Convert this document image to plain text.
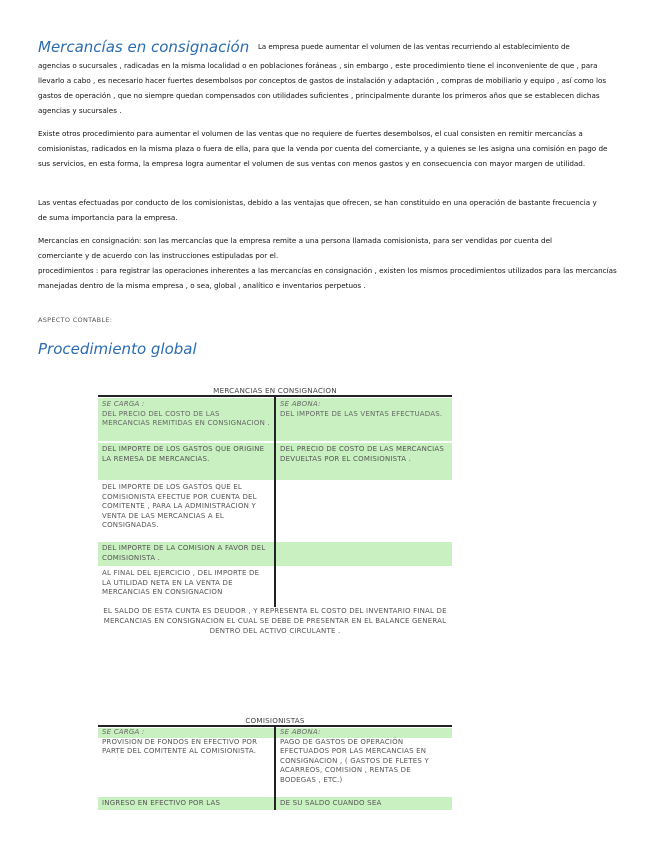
Mercancías en consignación La empresa puede aumentar el volumen de las ventas recurriendo al establecimiento de
agencias o sucursales , radicadas en la misma localidad o en poblaciones foráneas , sin embargo , este procedimiento tiene el inconveniente de que , para llevarlo a cabo , es necesario hacer fuertes desembolsos por conceptos de gastos de instalación y adaptación , compras de mobiliario y equipo , así como los gastos de operación , que no siempre quedan compensados con utilidades suficientes , principalmente durante los primeros años que se establecen dichas agencias y sucursales .
Existe otros procedimiento para aumentar el volumen de las ventas que no requiere de fuertes desembolsos, el cual consisten en remitir mercancías a comisionistas, radicados en la misma plaza o fuera de ella, para que la venda por cuenta del comerciante, y a quienes se les asigna una comisión en pago de sus servicios, en esta forma, la empresa logra aumentar el volumen de sus ventas con menos gastos y en consecuencia con mayor margen de utilidad.
Las ventas efectuadas por conducto de los comisionistas, debido a las ventajas que ofrecen, se han constituido en una operación de bastante frecuencia y de suma importancia para la empresa.
Mercancías en consignación: son las mercancías que la empresa remite a una persona llamada comisionista, para ser vendidas por cuenta del comerciante y de acuerdo con las instrucciones estipuladas por el.
procedimientos : para registrar las operaciones inherentes a las mercancías en consignación , existen los mismos procedimientos utilizados para las mercancías manejadas dentro de la misma empresa , o sea, global , analítico e inventarios perpetuos .
ASPECTO CONTABLE:
Procedimiento global
MERCANCIAS EN CONSIGNACION
SE CARGA :
DEL PRECIO DEL COSTO DE LAS MERCANCIAS REMITIDAS EN CONSIGNACION .
SE ABONA:
DEL IMPORTE DE LAS VENTAS EFECTUADAS.
DEL IMPORTE DE LOS GASTOS QUE ORIGINE LA REMESA DE MERCANCIAS.
DEL PRECIO DE COSTO DE LAS MERCANCIAS DEVUELTAS POR EL COMISIONISTA .
DEL IMPORTE DE LOS GASTOS QUE EL COMISIONISTA EFECTUE POR CUENTA DEL COMITENTE , PARA LA ADMINISTRACION Y VENTA DE LAS MERCANCIAS A EL CONSIGNADAS.
DEL IMPORTE DE LA COMISION A FAVOR DEL COMISIONISTA .
AL FINAL DEL EJERCICIO , DEL IMPORTE DE LA UTILIDAD NETA EN LA VENTA DE MERCANCIAS EN CONSIGNACION
EL SALDO DE ESTA CUNTA ES DEUDOR , Y REPRESENTA EL COSTO DEL INVENTARIO FINAL DE MERCANCIAS EN CONSIGNACION EL CUAL SE DEBE DE PRESENTAR EN EL BALANCE GENERAL DENTRO DEL ACTIVO CIRCULANTE .
COMISIONISTAS
SE CARGA :
PROVISION DE FONDOS EN EFECTIVO POR PARTE DEL COMITENTE AL COMISIONISTA.
SE ABONA:
PAGO DE GASTOS DE OPERACIÓN EFECTUADOS POR LAS MERCANCIAS EN CONSIGNACION , ( GASTOS DE FLETES Y ACARREOS, COMISION , RENTAS DE BODEGAS , ETC.)
INGRESO EN EFECTIVO POR LAS	DE SU SALDO CUANDO SEA
